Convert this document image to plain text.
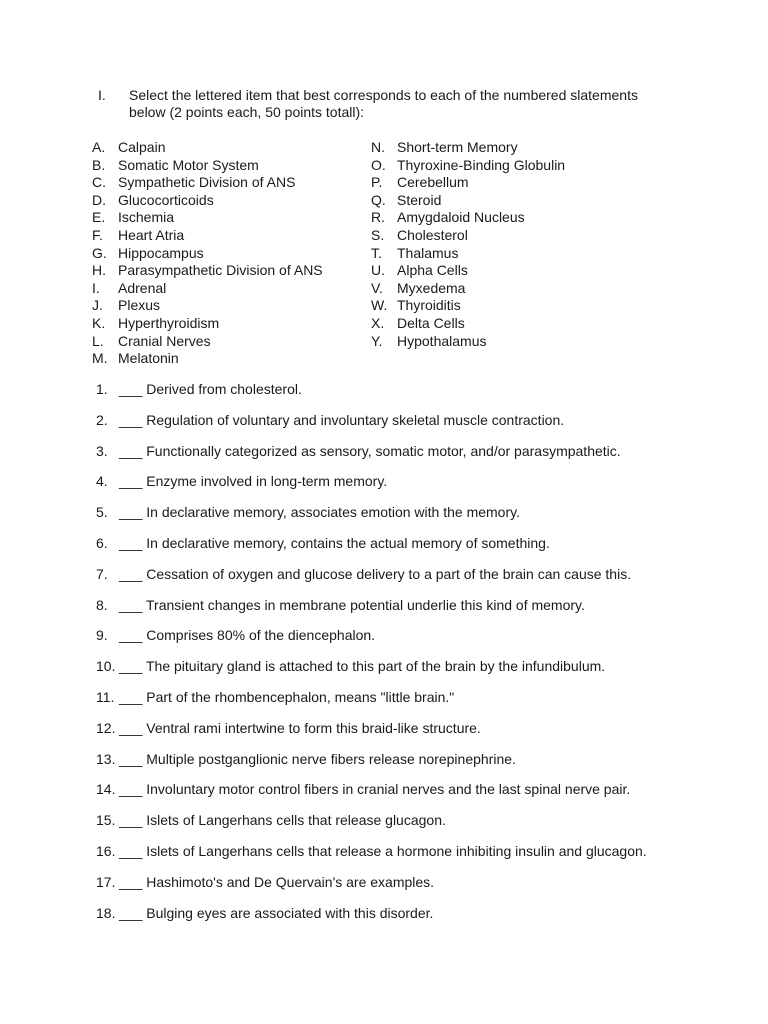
I. Select the lettered item that best corresponds to each of the numbered slatements below (2 points each, 50 points totall):
A. Calpain
B. Somatic Motor System
C. Sympathetic Division of ANS
D. Glucocorticoids
E. Ischemia
F. Heart Atria
G. Hippocampus
H. Parasympathetic Division of ANS
I. Adrenal
J. Plexus
K. Hyperthyroidism
L. Cranial Nerves
M. Melatonin
N. Short-term Memory
O. Thyroxine-Binding Globulin
P. Cerebellum
Q. Steroid
R. Amygdaloid Nucleus
S. Cholesterol
T. Thalamus
U. Alpha Cells
V. Myxedema
W. Thyroiditis
X. Delta Cells
Y. Hypothalamus
1. ___ Derived from cholesterol.
2. ___ Regulation of voluntary and involuntary skeletal muscle contraction.
3. ___ Functionally categorized as sensory, somatic motor, and/or parasympathetic.
4. ___ Enzyme involved in long-term memory.
5. ___ In declarative memory, associates emotion with the memory.
6. ___ In declarative memory, contains the actual memory of something.
7. ___ Cessation of oxygen and glucose delivery to a part of the brain can cause this.
8. ___ Transient changes in membrane potential underlie this kind of memory.
9. ___ Comprises 80% of the diencephalon.
10. ___ The pituitary gland is attached to this part of the brain by the infundibulum.
11. ___ Part of the rhombencephalon, means "little brain."
12. ___ Ventral rami intertwine to form this braid-like structure.
13. ___ Multiple postganglionic nerve fibers release norepinephrine.
14. ___ Involuntary motor control fibers in cranial nerves and the last spinal nerve pair.
15. ___ Islets of Langerhans cells that release glucagon.
16. ___ Islets of Langerhans cells that release a hormone inhibiting insulin and glucagon.
17. ___ Hashimoto's and De Quervain's are examples.
18. ___ Bulging eyes are associated with this disorder.
